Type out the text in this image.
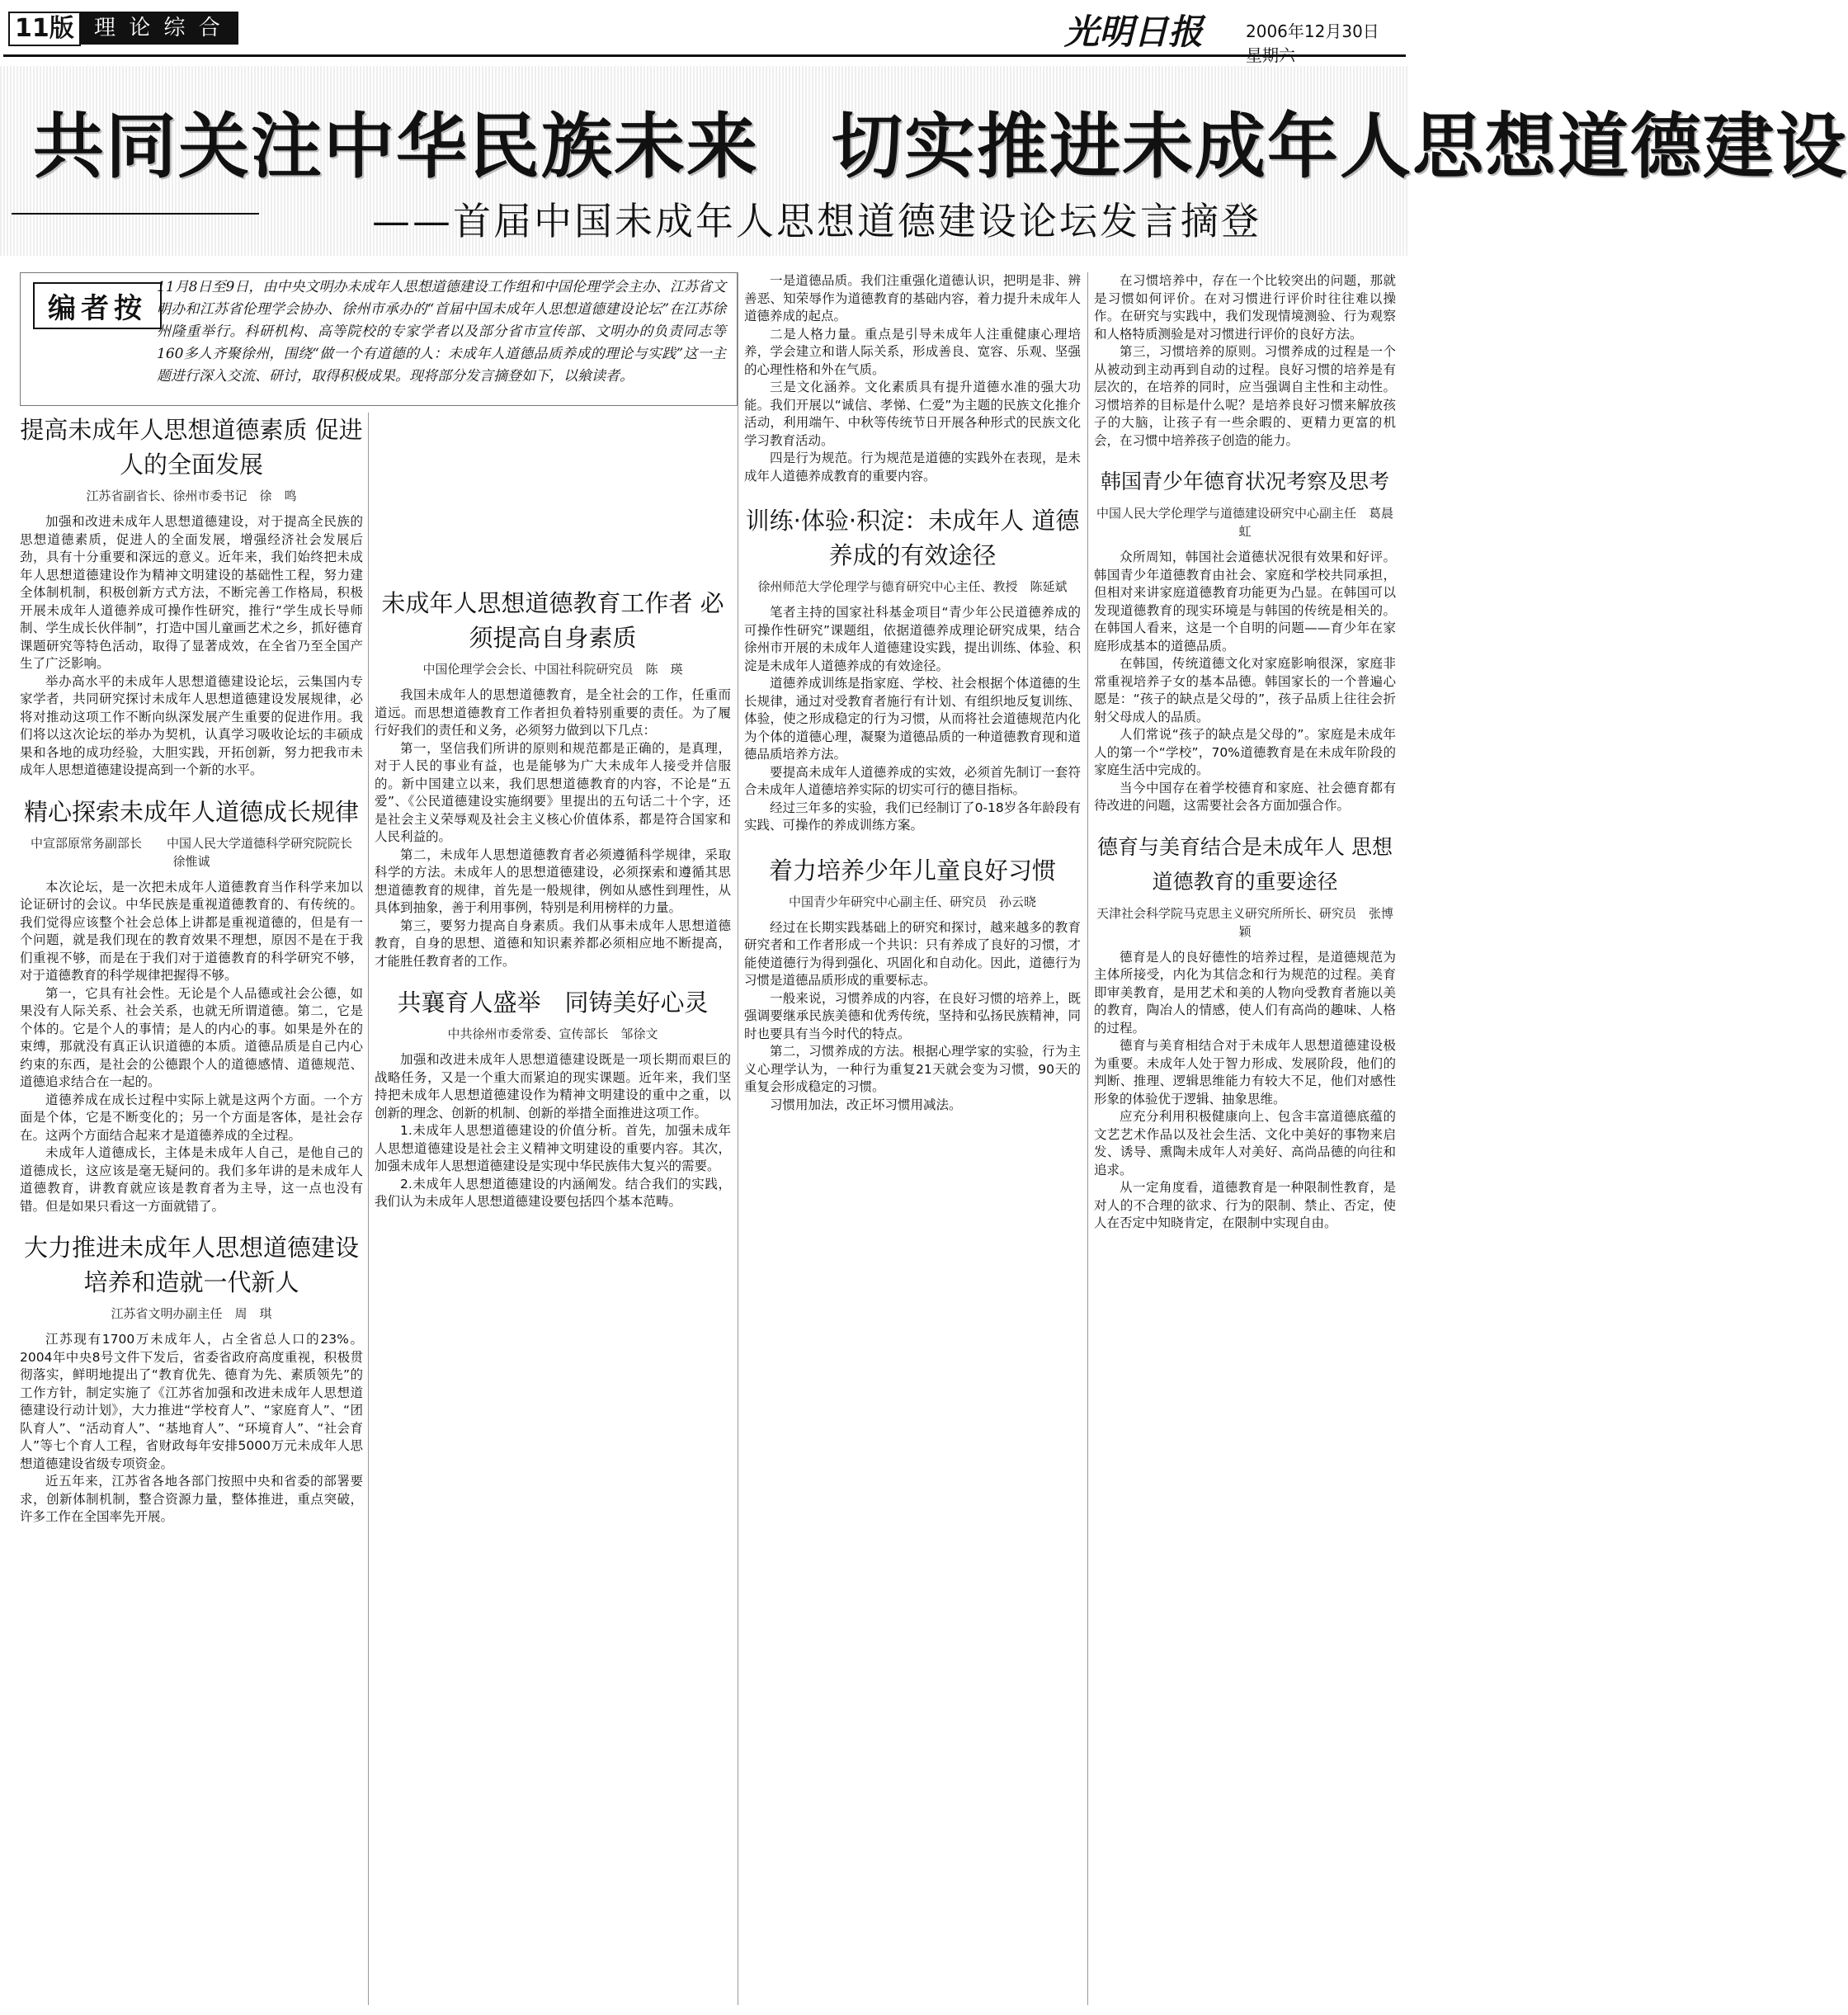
11版 理 论 综 合	光明日报	2006年12月30日　星期六
共同关注中华民族未来　切实推进未成年人思想道德建设
——首届中国未成年人思想道德建设论坛发言摘登
编者按
11月8日至9日，由中央文明办未成年人思想道德建设工作组和中国伦理学会主办、江苏省文明办和江苏省伦理学会协办、徐州市承办的“首届中国未成年人思想道德建设论坛”在江苏徐州隆重举行。科研机构、高等院校的专家学者以及部分省市宣传部、文明办的负责同志等160多人齐聚徐州，围绕“做一个有道德的人：未成年人道德品质养成的理论与实践”这一主题进行深入交流、研讨，取得积极成果。现将部分发言摘登如下，以飨读者。
提高未成年人思想道德素质 促进人的全面发展
江苏省副省长、徐州市委书记　徐　鸣

加强和改进未成年人思想道德建设，对于提高全民族的思想道德素质，促进人的全面发展，增强经济社会发展后劲，具有十分重要和深远的意义。近年来，我们始终把未成年人思想道德建设作为精神文明建设的基础性工程，努力建全体制机制，积极创新方式方法，不断完善工作格局，积极开展未成年人道德养成可操作性研究，推行“学生成长导师制、学生成长伙伴制”，打造中国儿童画艺术之乡，抓好德育课题研究等特色活动，取得了显著成效，在全省乃至全国产生了广泛影响。

举办高水平的未成年人思想道德建设论坛，云集国内专家学者，共同研究探讨未成年人思想道德建设发展规律，必将对推动这项工作不断向纵深发展产生重要的促进作用。我们将以这次论坛的举办为契机，认真学习吸收论坛的丰硕成果和各地的成功经验，大胆实践，开拓创新，努力把我市未成年人思想道德建设提高到一个新的水平。

精心探索未成年人道德成长规律
中宣部原常务副部长　　中国人民大学道德科学研究院院长　徐惟诚

本次论坛，是一次把未成年人道德教育当作科学来加以论证研讨的会议。中华民族是重视道德教育的、有传统的。我们觉得应该整个社会总体上讲都是重视道德的，但是有一个问题，就是我们现在的教育效果不理想，原因不是在于我们重视不够，而是在于我们对于道德教育的科学研究不够，对于道德教育的科学规律把握得不够。

第一，它具有社会性。无论是个人品德或社会公德，如果没有人际关系、社会关系，也就无所谓道德。第二，它是个体的。它是个人的事情；是人的内心的事。如果是外在的束缚，那就没有真正认识道德的本质。道德品质是自己内心约束的东西，是社会的公德跟个人的道德感情、道德规范、道德追求结合在一起的。

道德养成在成长过程中实际上就是这两个方面。一个方面是个体，它是不断变化的；另一个方面是客体，是社会存在。这两个方面结合起来才是道德养成的全过程。

未成年人道德成长，主体是未成年人自己，是他自己的道德成长，这应该是毫无疑问的。我们多年讲的是未成年人道德教育，讲教育就应该是教育者为主导，这一点也没有错。但是如果只看这一方面就错了。

大力推进未成年人思想道德建设 培养和造就一代新人
江苏省文明办副主任　周　琪

江苏现有1700万未成年人，占全省总人口的23%。2004年中央8号文件下发后，省委省政府高度重视，积极贯彻落实，鲜明地提出了“教育优先、德育为先、素质领先”的工作方针，制定实施了《江苏省加强和改进未成年人思想道德建设行动计划》，大力推进“学校育人”、“家庭育人”、“团队育人”、“活动育人”、“基地育人”、“环境育人”、“社会育人”等七个育人工程，省财政每年安排5000万元未成年人思想道德建设省级专项资金。

近五年来，江苏省各地各部门按照中央和省委的部署要求，创新体制机制，整合资源力量，整体推进，重点突破，许多工作在全国率先开展。

未成年人思想道德教育工作者 必须提高自身素质
中国伦理学会会长、中国社科院研究员　陈　瑛

我国未成年人的思想道德教育，是全社会的工作，任重而道远。而思想道德教育工作者担负着特别重要的责任。为了履行好我们的责任和义务，必须努力做到以下几点：

第一，坚信我们所讲的原则和规范都是正确的，是真理，对于人民的事业有益，也是能够为广大未成年人接受并信服的。新中国建立以来，我们思想道德教育的内容，不论是“五爱”、《公民道德建设实施纲要》里提出的五句话二十个字，还是社会主义荣辱观及社会主义核心价值体系，都是符合国家和人民利益的。

第二，未成年人思想道德教育者必须遵循科学规律，采取科学的方法。未成年人的思想道德建设，必须探索和遵循其思想道德教育的规律，首先是一般规律，例如从感性到理性，从具体到抽象，善于利用事例，特别是利用榜样的力量。

第三，要努力提高自身素质。我们从事未成年人思想道德教育，自身的思想、道德和知识素养都必须相应地不断提高，才能胜任教育者的工作。

共襄育人盛举　同铸美好心灵
中共徐州市委常委、宣传部长　邹徐文

加强和改进未成年人思想道德建设既是一项长期而艰巨的战略任务，又是一个重大而紧迫的现实课题。近年来，我们坚持把未成年人思想道德建设作为精神文明建设的重中之重，以创新的理念、创新的机制、创新的举措全面推进这项工作。

1.未成年人思想道德建设的价值分析。首先，加强未成年人思想道德建设是社会主义精神文明建设的重要内容。其次，加强未成年人思想道德建设是实现中华民族伟大复兴的需要。

2.未成年人思想道德建设的内涵阐发。结合我们的实践，我们认为未成年人思想道德建设要包括四个基本范畴。

一是道德品质。我们注重强化道德认识，把明是非、辨善恶、知荣辱作为道德教育的基础内容，着力提升未成年人道德养成的起点。

二是人格力量。重点是引导未成年人注重健康心理培养，学会建立和谐人际关系，形成善良、宽容、乐观、坚强的心理性格和外在气质。

三是文化涵养。文化素质具有提升道德水准的强大功能。我们开展以“诚信、孝悌、仁爱”为主题的民族文化推介活动，利用端午、中秋等传统节日开展各种形式的民族文化学习教育活动。

四是行为规范。行为规范是道德的实践外在表现，是未成年人道德养成教育的重要内容。

训练·体验·积淀：未成年人 道德养成的有效途径
徐州师范大学伦理学与德育研究中心主任、教授　陈延斌

笔者主持的国家社科基金项目“青少年公民道德养成的可操作性研究”课题组，依据道德养成理论研究成果，结合徐州市开展的未成年人道德建设实践，提出训练、体验、积淀是未成年人道德养成的有效途径。

道德养成训练是指家庭、学校、社会根据个体道德的生长规律，通过对受教育者施行有计划、有组织地反复训练、体验，使之形成稳定的行为习惯，从而将社会道德规范内化为个体的道德心理，凝聚为道德品质的一种道德教育现和道德品质培养方法。

要提高未成年人道德养成的实效，必须首先制订一套符合未成年人道德培养实际的切实可行的德目指标。

经过三年多的实验，我们已经制订了0-18岁各年龄段有实践、可操作的养成训练方案。

着力培养少年儿童良好习惯
中国青少年研究中心副主任、研究员　孙云晓

经过在长期实践基础上的研究和探讨，越来越多的教育研究者和工作者形成一个共识：只有养成了良好的习惯，才能使道德行为得到强化、巩固化和自动化。因此，道德行为习惯是道德品质形成的重要标志。

一般来说，习惯养成的内容，在良好习惯的培养上，既强调要继承民族美德和优秀传统，坚持和弘扬民族精神，同时也要具有当今时代的特点。

第二，习惯养成的方法。根据心理学家的实验，行为主义心理学认为，一种行为重复21天就会变为习惯，90天的重复会形成稳定的习惯。

习惯用加法，改正坏习惯用减法。

在习惯培养中，存在一个比较突出的问题，那就是习惯如何评价。在对习惯进行评价时往往难以操作。在研究与实践中，我们发现情境测验、行为观察和人格特质测验是对习惯进行评价的良好方法。

第三，习惯培养的原则。习惯养成的过程是一个从被动到主动再到自动的过程。良好习惯的培养是有层次的，在培养的同时，应当强调自主性和主动性。习惯培养的目标是什么呢？是培养良好习惯来解放孩子的大脑，让孩子有一些余暇的、更精力更富的机会，在习惯中培养孩子创造的能力。

韩国青少年德育状况考察及思考
中国人民大学伦理学与道德建设研究中心副主任　葛晨虹

众所周知，韩国社会道德状况很有效果和好评。韩国青少年道德教育由社会、家庭和学校共同承担，但相对来讲家庭道德教育功能更为凸显。在韩国可以发现道德教育的现实环境是与韩国的传统是相关的。在韩国人看来，这是一个自明的问题——育少年在家庭形成基本的道德品质。

在韩国，传统道德文化对家庭影响很深，家庭非常重视培养子女的基本品德。韩国家长的一个普遍心愿是：“孩子的缺点是父母的”，孩子品质上往往会折射父母成人的品质。

人们常说“孩子的缺点是父母的”。家庭是未成年人的第一个“学校”，70%道德教育是在未成年阶段的家庭生活中完成的。

当今中国存在着学校德育和家庭、社会德育都有待改进的问题，这需要社会各方面加强合作。

德育与美育结合是未成年人 思想道德教育的重要途径
天津社会科学院马克思主义研究所所长、研究员　张博颖

德育是人的良好德性的培养过程，是道德规范为主体所接受，内化为其信念和行为规范的过程。美育即审美教育，是用艺术和美的人物向受教育者施以美的教育，陶冶人的情感，使人们有高尚的趣味、人格的过程。

德育与美育相结合对于未成年人思想道德建设极为重要。未成年人处于智力形成、发展阶段，他们的判断、推理、逻辑思维能力有较大不足，他们对感性形象的体验优于逻辑、抽象思维。

应充分利用积极健康向上、包含丰富道德底蕴的文艺艺术作品以及社会生活、文化中美好的事物来启发、诱导、熏陶未成年人对美好、高尚品德的向往和追求。

从一定角度看，道德教育是一种限制性教育，是对人的不合理的欲求、行为的限制、禁止、否定，使人在否定中知晓肯定，在限制中实现自由。
